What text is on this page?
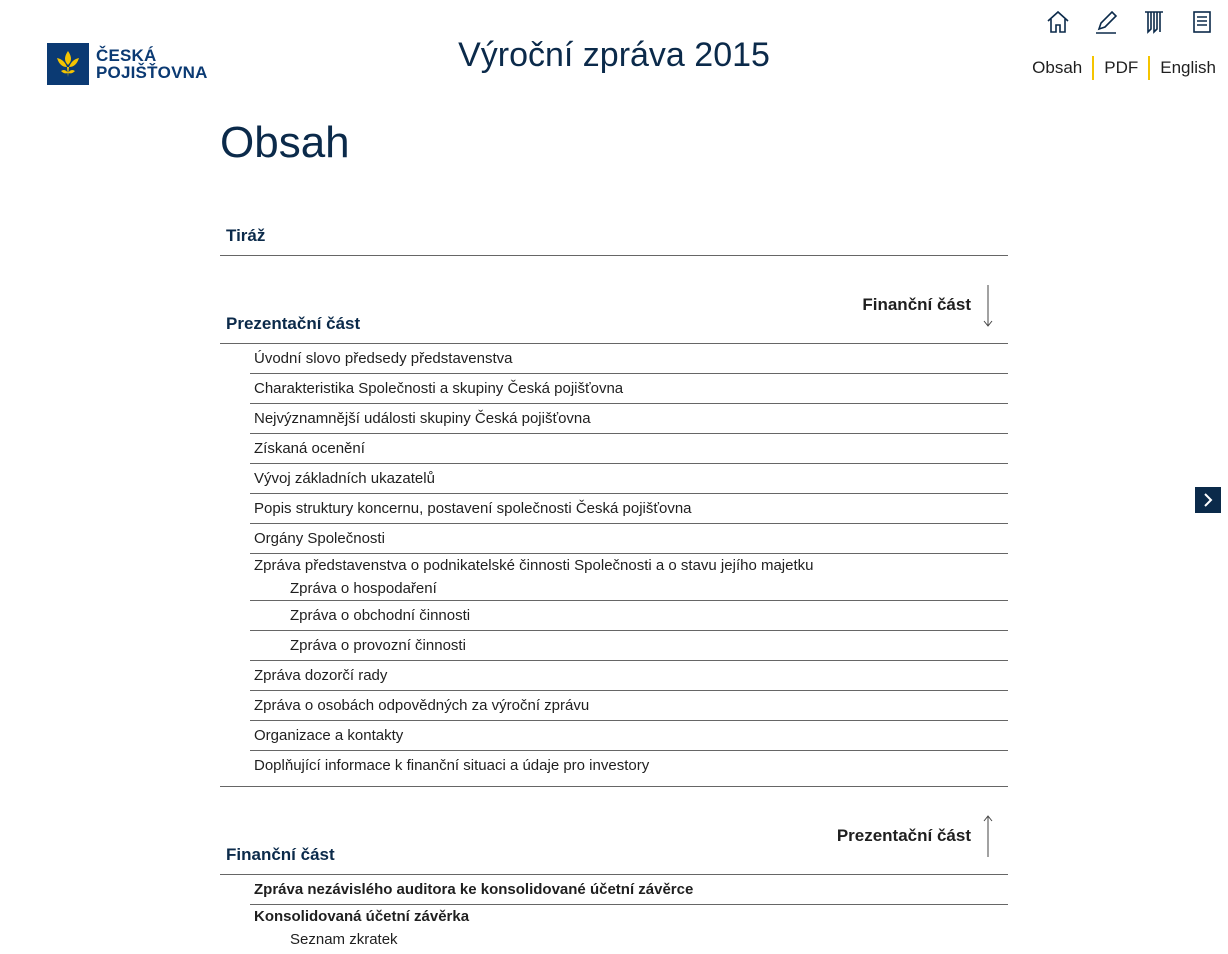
ČESKÁ
POJIŠŤOVNA	Výroční zpráva 2015	Obsah	PDF	English
Obsah
Tiráž
Finanční část
Prezentační část
Úvodní slovo předsedy představenstva
Charakteristika Společnosti a skupiny Česká pojišťovna
Nejvýznamnější události skupiny Česká pojišťovna
Získaná ocenění
Vývoj základních ukazatelů
Popis struktury koncernu, postavení společnosti Česká pojišťovna
Orgány Společnosti
Zpráva představenstva o podnikatelské činnosti Společnosti a o stavu jejího majetku
Zpráva o hospodaření
Zpráva o obchodní činnosti
Zpráva o provozní činnosti
Zpráva dozorčí rady
Zpráva o osobách odpovědných za výroční zprávu
Organizace a kontakty
Doplňující informace k finanční situaci a údaje pro investory
Prezentační část
Finanční část
Zpráva nezávislého auditora ke konsolidované účetní závěrce
Konsolidovaná účetní závěrka
Seznam zkratek
